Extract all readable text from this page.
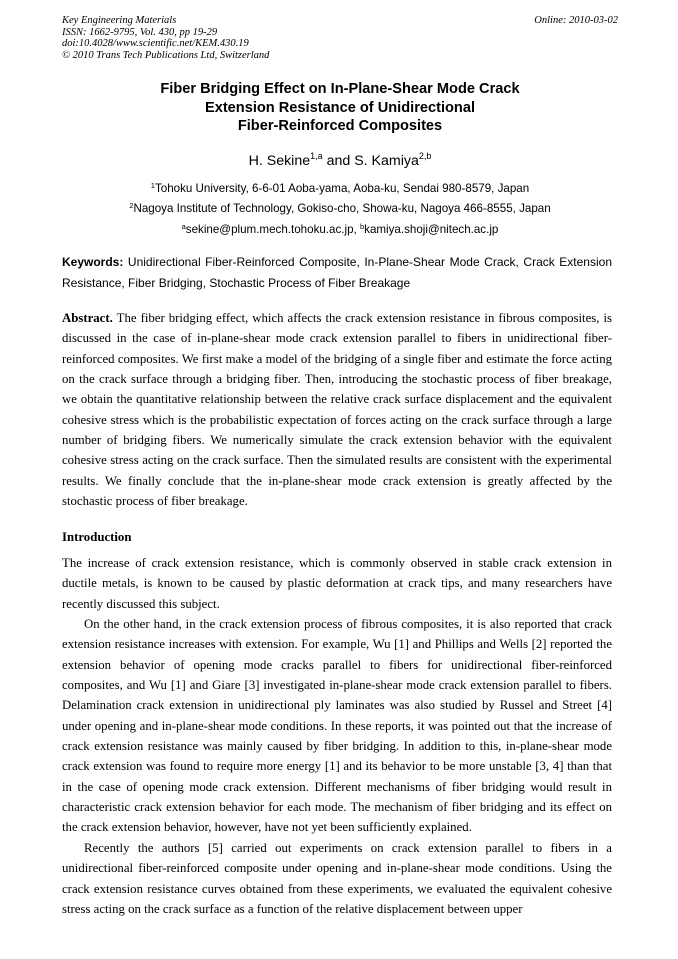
Key Engineering Materials
ISSN: 1662-9795, Vol. 430, pp 19-29
doi:10.4028/www.scientific.net/KEM.430.19
© 2010 Trans Tech Publications Ltd, Switzerland
Online: 2010-03-02
Fiber Bridging Effect on In-Plane-Shear Mode Crack
Extension Resistance of Unidirectional
Fiber-Reinforced Composites
H. Sekine$^{1,a}$ and S. Kamiya$^{2,b}$
$^1$Tohoku University, 6-6-01 Aoba-yama, Aoba-ku, Sendai 980-8579, Japan
$^2$Nagoya Institute of Technology, Gokiso-cho, Showa-ku, Nagoya 466-8555, Japan
$^a$sekine@plum.mech.tohoku.ac.jp, $^b$kamiya.shoji@nitech.ac.jp
Keywords: Unidirectional Fiber-Reinforced Composite, In-Plane-Shear Mode Crack, Crack Extension Resistance, Fiber Bridging, Stochastic Process of Fiber Breakage
Abstract. The fiber bridging effect, which affects the crack extension resistance in fibrous composites, is discussed in the case of in-plane-shear mode crack extension parallel to fibers in unidirectional fiber-reinforced composites. We first make a model of the bridging of a single fiber and estimate the force acting on the crack surface through a bridging fiber. Then, introducing the stochastic process of fiber breakage, we obtain the quantitative relationship between the relative crack surface displacement and the equivalent cohesive stress which is the probabilistic expectation of forces acting on the crack surface through a large number of bridging fibers. We numerically simulate the crack extension behavior with the equivalent cohesive stress acting on the crack surface. Then the simulated results are consistent with the experimental results. We finally conclude that the in-plane-shear mode crack extension is greatly affected by the stochastic process of fiber breakage.
Introduction

The increase of crack extension resistance, which is commonly observed in stable crack extension in ductile metals, is known to be caused by plastic deformation at crack tips, and many researchers have recently discussed this subject.

On the other hand, in the crack extension process of fibrous composites, it is also reported that crack extension resistance increases with extension. For example, Wu [1] and Phillips and Wells [2] reported the extension behavior of opening mode cracks parallel to fibers for unidirectional fiber-reinforced composites, and Wu [1] and Giare [3] investigated in-plane-shear mode crack extension parallel to fibers. Delamination crack extension in unidirectional ply laminates was also studied by Russel and Street [4] under opening and in-plane-shear mode conditions. In these reports, it was pointed out that the increase of crack extension resistance was mainly caused by fiber bridging. In addition to this, in-plane-shear mode crack extension was found to require more energy [1] and its behavior to be more unstable [3, 4] than that in the case of opening mode crack extension. Different mechanisms of fiber bridging would result in characteristic crack extension behavior for each mode. The mechanism of fiber bridging and its effect on the crack extension behavior, however, have not yet been sufficiently explained.

Recently the authors [5] carried out experiments on crack extension parallel to fibers in a unidirectional fiber-reinforced composite under opening and in-plane-shear mode conditions. Using the crack extension resistance curves obtained from these experiments, we evaluated the equivalent cohesive stress acting on the crack surface as a function of the relative displacement between upper
